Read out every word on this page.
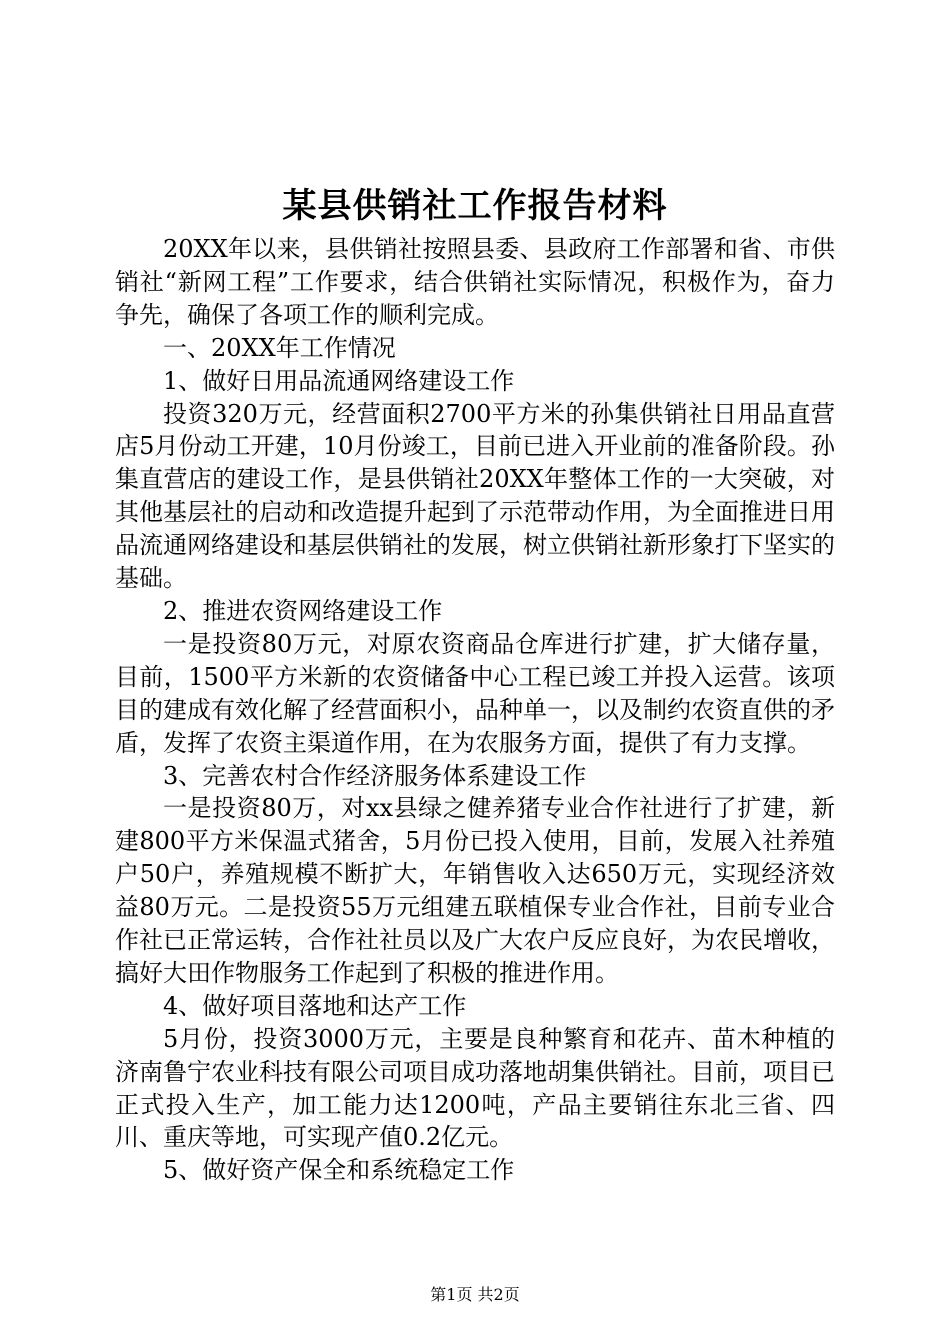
某县供销社工作报告材料

20XX年以来，县供销社按照县委、县政府工作部署和省、市供销社“新网工程”工作要求，结合供销社实际情况，积极作为，奋力争先，确保了各项工作的顺利完成。

一、20XX年工作情况

1、做好日用品流通网络建设工作

投资320万元，经营面积2700平方米的孙集供销社日用品直营店5月份动工开建，10月份竣工，目前已进入开业前的准备阶段。孙集直营店的建设工作，是县供销社20XX年整体工作的一大突破，对其他基层社的启动和改造提升起到了示范带动作用，为全面推进日用品流通网络建设和基层供销社的发展，树立供销社新形象打下坚实的基础。

2、推进农资网络建设工作

一是投资80万元，对原农资商品仓库进行扩建，扩大储存量，目前，1500平方米新的农资储备中心工程已竣工并投入运营。该项目的建成有效化解了经营面积小，品种单一，以及制约农资直供的矛盾，发挥了农资主渠道作用，在为农服务方面，提供了有力支撑。

3、完善农村合作经济服务体系建设工作

一是投资80万，对xx县绿之健养猪专业合作社进行了扩建，新建800平方米保温式猪舍，5月份已投入使用，目前，发展入社养殖户50户，养殖规模不断扩大，年销售收入达650万元，实现经济效益80万元。二是投资55万元组建五联植保专业合作社，目前专业合作社已正常运转，合作社社员以及广大农户反应良好，为农民增收，搞好大田作物服务工作起到了积极的推进作用。

4、做好项目落地和达产工作

5月份，投资3000万元，主要是良种繁育和花卉、苗木种植的济南鲁宁农业科技有限公司项目成功落地胡集供销社。目前，项目已正式投入生产，加工能力达1200吨，产品主要销往东北三省、四川、重庆等地，可实现产值0.2亿元。

5、做好资产保全和系统稳定工作

第1页 共2页
